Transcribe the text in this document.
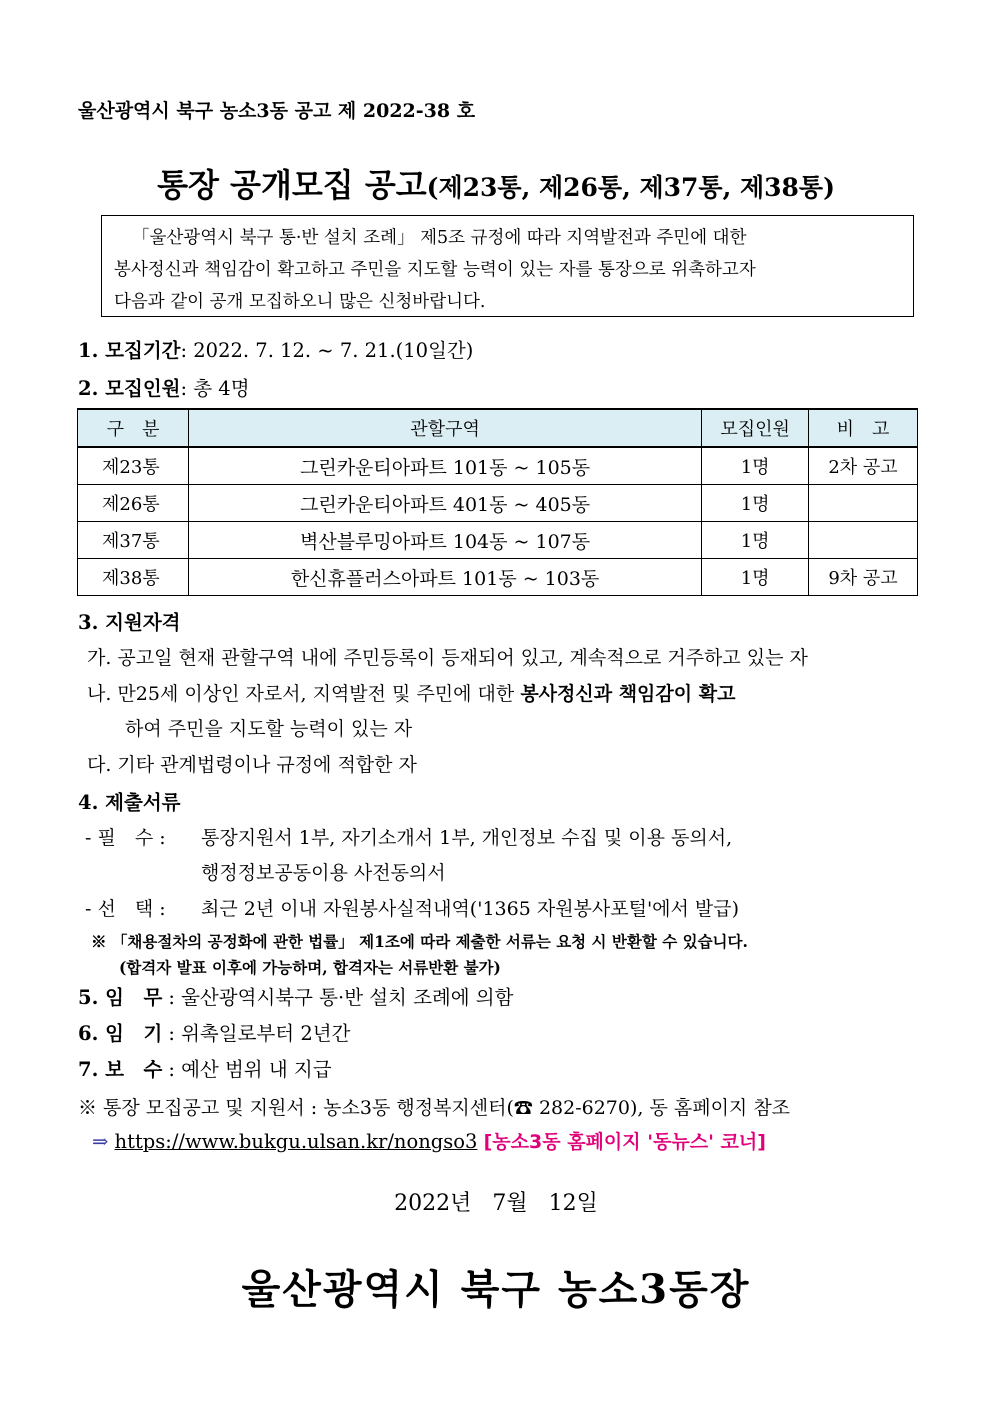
울산광역시 북구 농소3동 공고 제 2022-38 호
통장 공개모집 공고(제23통, 제26통, 제37통, 제38통)

「울산광역시 북구 통·반 설치 조례」 제5조 규정에 따라 지역발전과 주민에 대한

봉사정신과 책임감이 확고하고 주민을 지도할 능력이 있는 자를 통장으로 위촉하고자
다음과 같이 공개 모집하오니 많은 신청바랍니다.
1. 모집기간: 2022. 7. 12. ~ 7. 21.(10일간)
2. 모집인원: 총 4명
구　분	관할구역	모집인원	비　고
제23통	그린카운티아파트 101동 ~ 105동	1명	2차 공고
제26통	그린카운티아파트 401동 ~ 405동	1명	
제37통	벽산블루밍아파트 104동 ~ 107동	1명	
제38통	한신휴플러스아파트 101동 ~ 103동	1명	9차 공고
3. 지원자격
가. 공고일 현재 관할구역 내에 주민등록이 등재되어 있고, 계속적으로 거주하고 있는 자
나. 만25세 이상인 자로서, 지역발전 및 주민에 대한 봉사정신과 책임감이 확고
하여 주민을 지도할 능력이 있는 자
다. 기타 관계법령이나 규정에 적합한 자
4. 제출서류
- 필　수 : 통장지원서 1부, 자기소개서 1부, 개인정보 수집 및 이용 동의서,
행정정보공동이용 사전동의서
- 선　택 : 최근 2년 이내 자원봉사실적내역('1365 자원봉사포털'에서 발급)
※ 「채용절차의 공정화에 관한 법률」 제1조에 따라 제출한 서류는 요청 시 반환할 수 있습니다.
(합격자 발표 이후에 가능하며, 합격자는 서류반환 불가)
5. 임　무 : 울산광역시북구 통·반 설치 조례에 의함
6. 임　기 : 위촉일로부터 2년간
7. 보　수 : 예산 범위 내 지급
※ 통장 모집공고 및 지원서 : 농소3동 행정복지센터(☎ 282-6270), 동 홈페이지 참조
⇒ https://www.bukgu.ulsan.kr/nongso3 [농소3동 홈페이지 '동뉴스' 코너]
2022년 7월 12일
울산광역시 북구 농소3동장
